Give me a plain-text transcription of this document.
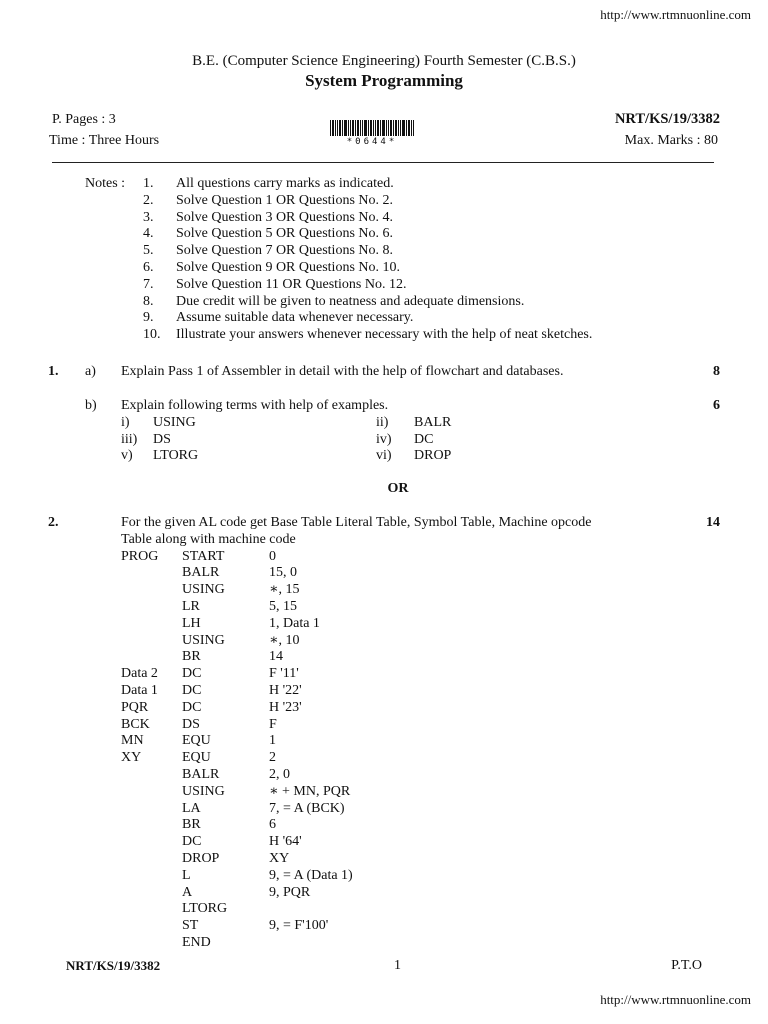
http://www.rtmnuonline.com
B.E. (Computer Science Engineering) Fourth Semester (C.B.S.)
System Programming
P. Pages : 3	NRT/KS/19/3382
Time : Three Hours	Max. Marks : 80
*0644*
Notes : 1. All questions carry marks as indicated.
2. Solve Question 1 OR Questions No. 2.
3. Solve Question 3 OR Questions No. 4.
4. Solve Question 5 OR Questions No. 6.
5. Solve Question 7 OR Questions No. 8.
6. Solve Question 9 OR Questions No. 10.
7. Solve Question 11 OR Questions No. 12.
8. Due credit will be given to neatness and adequate dimensions.
9. Assume suitable data whenever necessary.
10. Illustrate your answers whenever necessary with the help of neat sketches.
1. a) Explain Pass 1 of Assembler in detail with the help of flowchart and databases.	8
b) Explain following terms with help of examples.	6
i) USING	ii) BALR
iii) DS	iv) DC
v) LTORG	vi) DROP
OR
2.	For the given AL code get Base Table Literal Table, Symbol Table, Machine opcode
Table along with machine code
14
PROG START	0
BALR	15, 0
USING	∗, 15
LR	5, 15
LH	1, Data 1
USING	∗, 10
BR	14
Data 2 DC	F '11'
Data 1 DC	H '22'
PQR DC	H '23'
BCK DS	F
MN	EQU	1
XY	EQU	2
BALR	2, 0
USING	∗ + MN, PQR
LA	7, = A (BCK)
BR	6
DC	H '64'
DROP	XY
L	9, = A (Data 1)
A	9, PQR
LTORG
ST	9, = F'100'
END
NRT/KS/19/3382	1	P.T.O
http://www.rtmnuonline.com
